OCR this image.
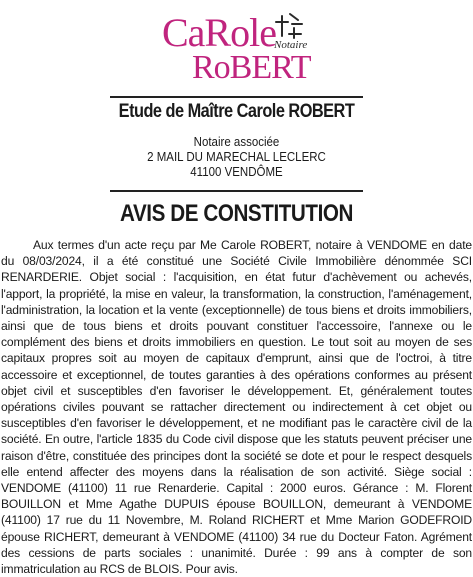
CaRole
RoBERT
Notaire
Etude de Maître Carole ROBERT
Notaire associée
2 MAIL DU MARECHAL LECLERC
41100 VENDÔME
AVIS DE CONSTITUTION

Aux termes d'un acte reçu par Me Carole ROBERT, notaire à VENDOME en date du 08/03/2024, il a été constitué une Société Civile Immobilière dénommée SCI RENARDERIE. Objet social : l'acquisition, en état futur d'achèvement ou achevés, l'apport, la propriété, la mise en valeur, la transformation, la construction, l'aménagement, l'administration, la location et la vente (exceptionnelle) de tous biens et droits immobiliers, ainsi que de tous biens et droits pouvant constituer l'accessoire, l'annexe ou le complément des biens et droits immobiliers en question. Le tout soit au moyen de ses capitaux propres soit au moyen de capitaux d'emprunt, ainsi que de l'octroi, à titre accessoire et exceptionnel, de toutes garanties à des opérations conformes au présent objet civil et susceptibles d'en favoriser le développement. Et, généralement toutes opérations civiles pouvant se rattacher directement ou indirectement à cet objet ou susceptibles d'en favoriser le développement, et ne modifiant pas le caractère civil de la société. En outre, l'article 1835 du Code civil dispose que les statuts peuvent préciser une raison d'être, constituée des principes dont la société se dote et pour le respect desquels elle entend affecter des moyens dans la réalisation de son activité. Siège social : VENDOME (41100) 11 rue Renarderie. Capital : 2000 euros. Gérance : M. Florent BOUILLON et Mme Agathe DUPUIS épouse BOUILLON, demeurant à VENDOME (41100) 17 rue du 11 Novembre, M. Roland RICHERT et Mme Marion GODEFROID épouse RICHERT, demeurant à VENDOME (41100) 34 rue du Docteur Faton. Agrément des cessions de parts sociales : unanimité. Durée : 99 ans à compter de son immatriculation au RCS de BLOIS. Pour avis.
